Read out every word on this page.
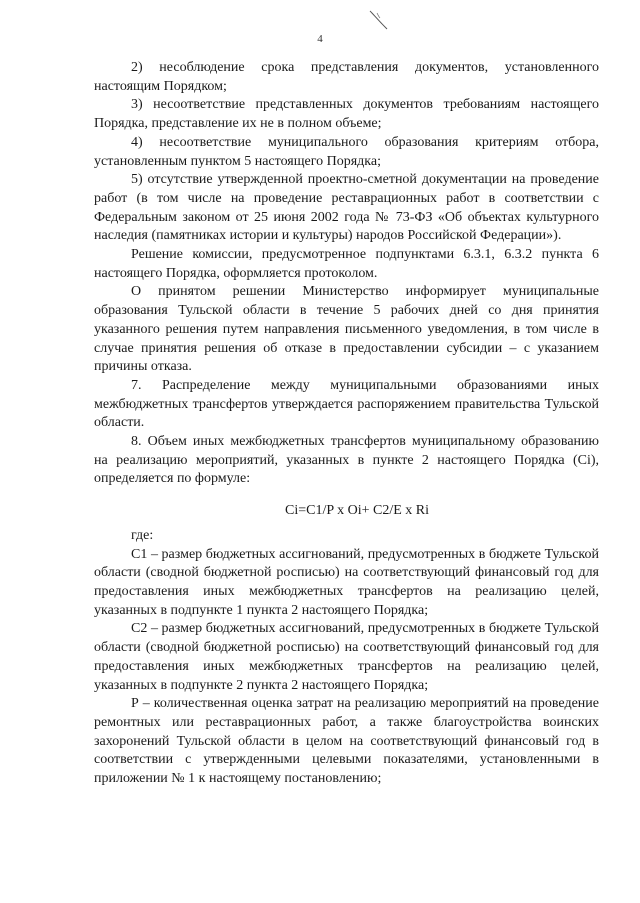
4

2) несоблюдение срока представления документов, установленного настоящим Порядком;

3) несоответствие представленных документов требованиям настоящего Порядка, представление их не в полном объеме;

4) несоответствие муниципального образования критериям отбора, установленным пунктом 5 настоящего Порядка;

5) отсутствие утвержденной проектно-сметной документации на проведение работ (в том числе на проведение реставрационных работ в соответствии с Федеральным законом от 25 июня 2002 года № 73-ФЗ «Об объектах культурного наследия (памятниках истории и культуры) народов Российской Федерации»).

Решение комиссии, предусмотренное подпунктами 6.3.1, 6.3.2 пункта 6 настоящего Порядка, оформляется протоколом.

О принятом решении Министерство информирует муниципальные образования Тульской области в течение 5 рабочих дней со дня принятия указанного решения путем направления письменного уведомления, в том числе в случае принятия решения об отказе в предоставлении субсидии – с указанием причины отказа.

7. Распределение между муниципальными образованиями иных межбюджетных трансфертов утверждается распоряжением правительства Тульской области.

8. Объем иных межбюджетных трансфертов муниципальному образованию на реализацию мероприятий, указанных в пункте 2 настоящего Порядка (Ci), определяется по формуле:

Ci=C1/P x Oi+ C2/E x Ri

где:

С1 – размер бюджетных ассигнований, предусмотренных в бюджете Тульской области (сводной бюджетной росписью) на соответствующий финансовый год для предоставления иных межбюджетных трансфертов на реализацию целей, указанных в подпункте 1 пункта 2 настоящего Порядка;

С2 – размер бюджетных ассигнований, предусмотренных в бюджете Тульской области (сводной бюджетной росписью) на соответствующий финансовый год для предоставления иных межбюджетных трансфертов на реализацию целей, указанных в подпункте 2 пункта 2 настоящего Порядка;

Р – количественная оценка затрат на реализацию мероприятий на проведение ремонтных или реставрационных работ, а также благоустройства воинских захоронений Тульской области в целом на соответствующий финансовый год в соответствии с утвержденными целевыми показателями, установленными в приложении № 1 к настоящему постановлению;
